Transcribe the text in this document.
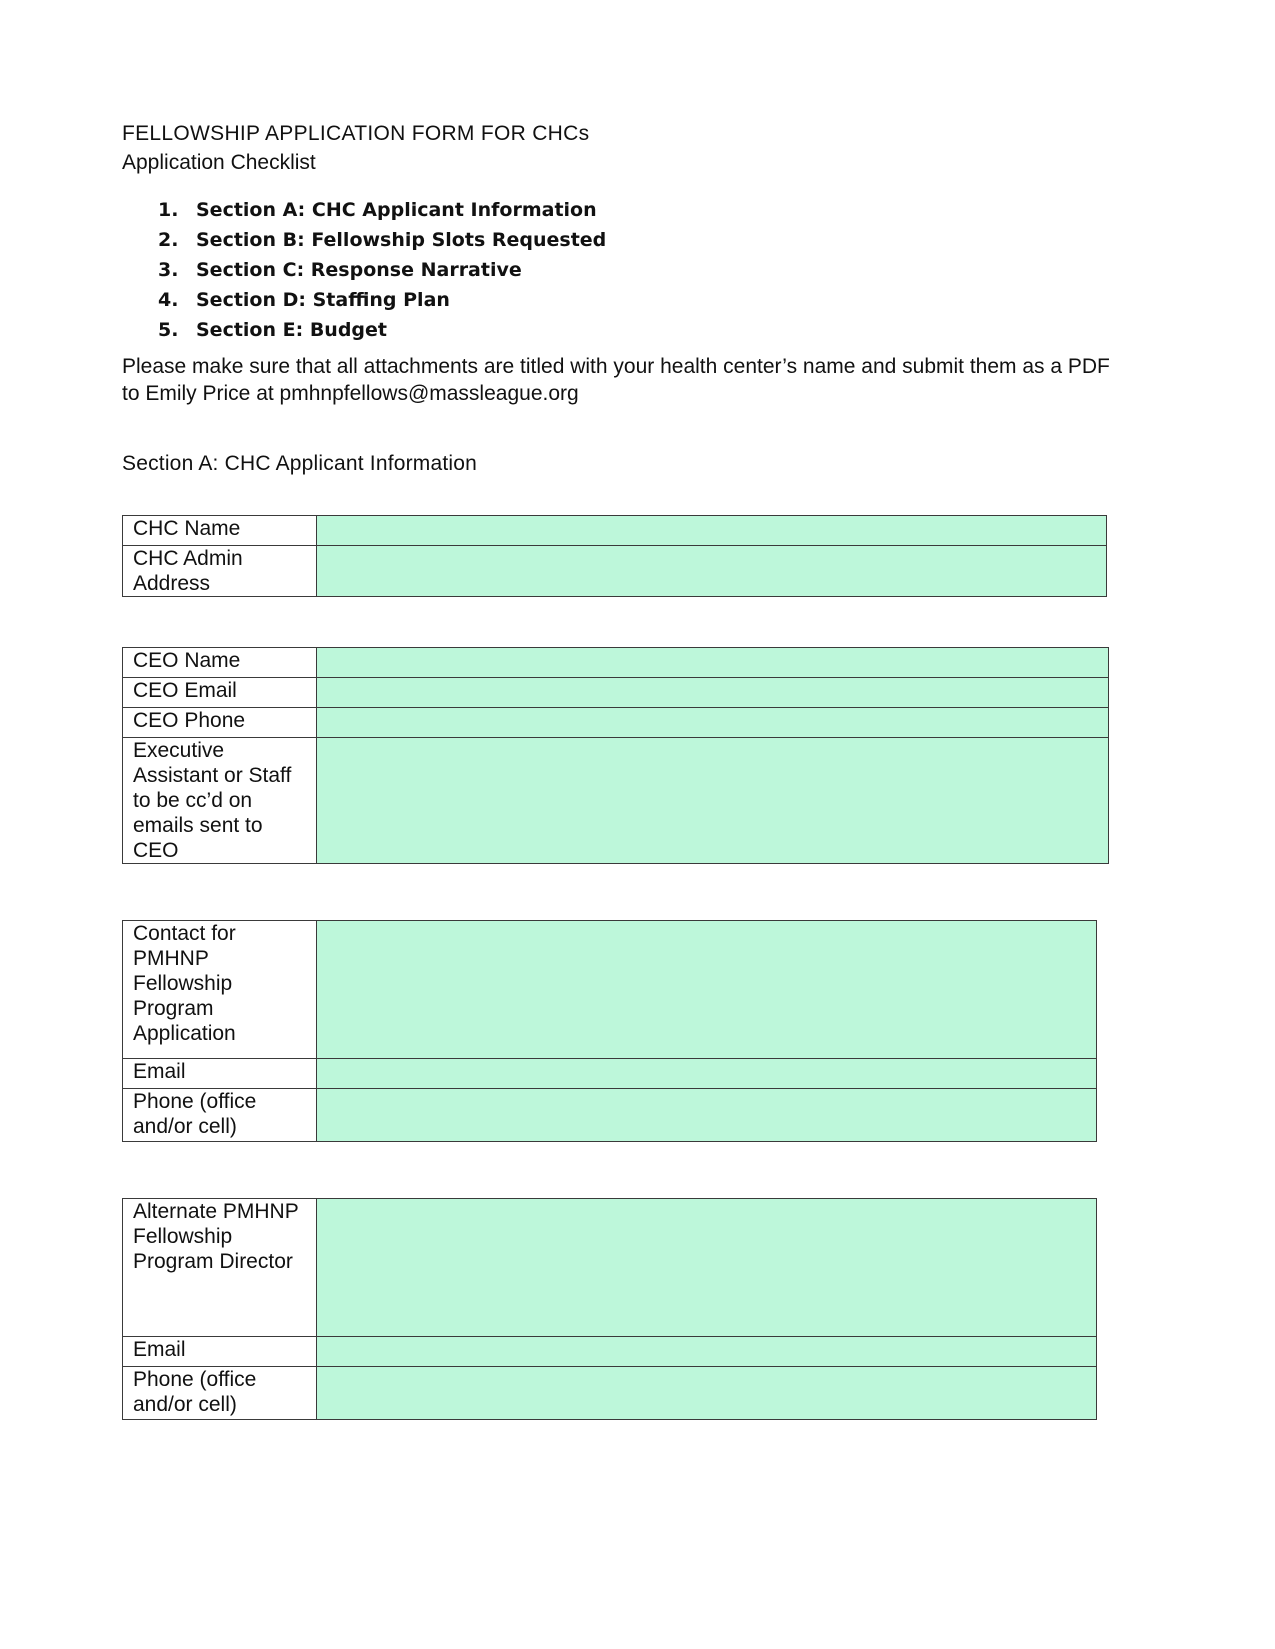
FELLOWSHIP APPLICATION FORM FOR CHCs
Application Checklist
1. Section A: CHC Applicant Information
2. Section B: Fellowship Slots Requested
3. Section C: Response Narrative
4. Section D: Staffing Plan
5. Section E: Budget

Please make sure that all attachments are titled with your health center’s name and submit them as a PDF to Emily Price at pmhnpfellows@massleague.org

Section A: CHC Applicant Information
CHC Name	
CHC Admin Address	
CEO Name	
CEO Email	
CEO Phone	
Executive Assistant or Staff to be cc’d on emails sent to CEO	
Contact for PMHNP Fellowship Program Application	
Email	
Phone (office and/or cell)	
Alternate PMHNP Fellowship Program Director	
Email	
Phone (office and/or cell)	
